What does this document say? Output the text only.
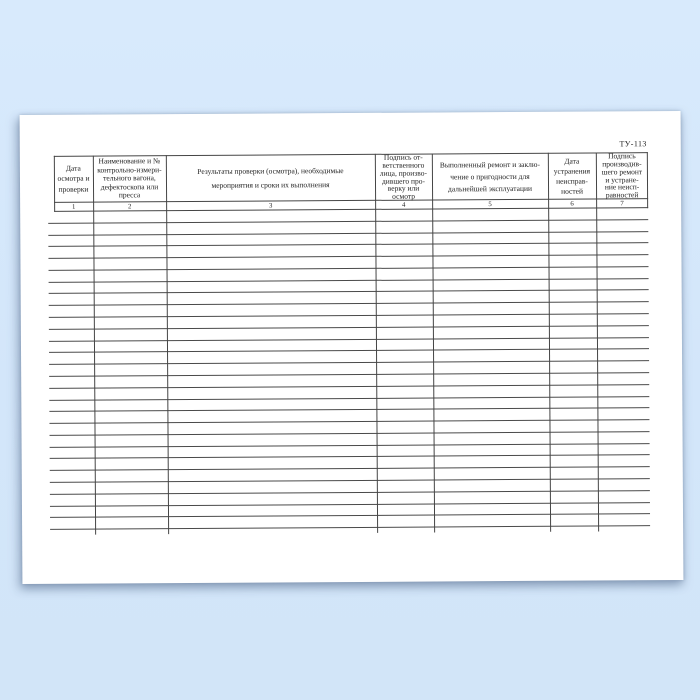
ТУ-113
Дата
осмотра и
проверки
1
Наименование и №
контрольно-измери-
тельного вагона,
дефектоскопа или
пресса
2
Результаты проверки (осмотра), необходимые
мероприятия и сроки их выполнения
3
Подпись от-
ветственного
лица, произво-
дившего про-
верку или
осмотр
4
Выполненный ремонт и заклю-
чение о пригодности для
дальнейшей эксплуатации
5
Дата
устранения
неисправ-
ностей
6
Подпись
производив-
шего ремонт
и устране-
ние неисп-
равностей
7
